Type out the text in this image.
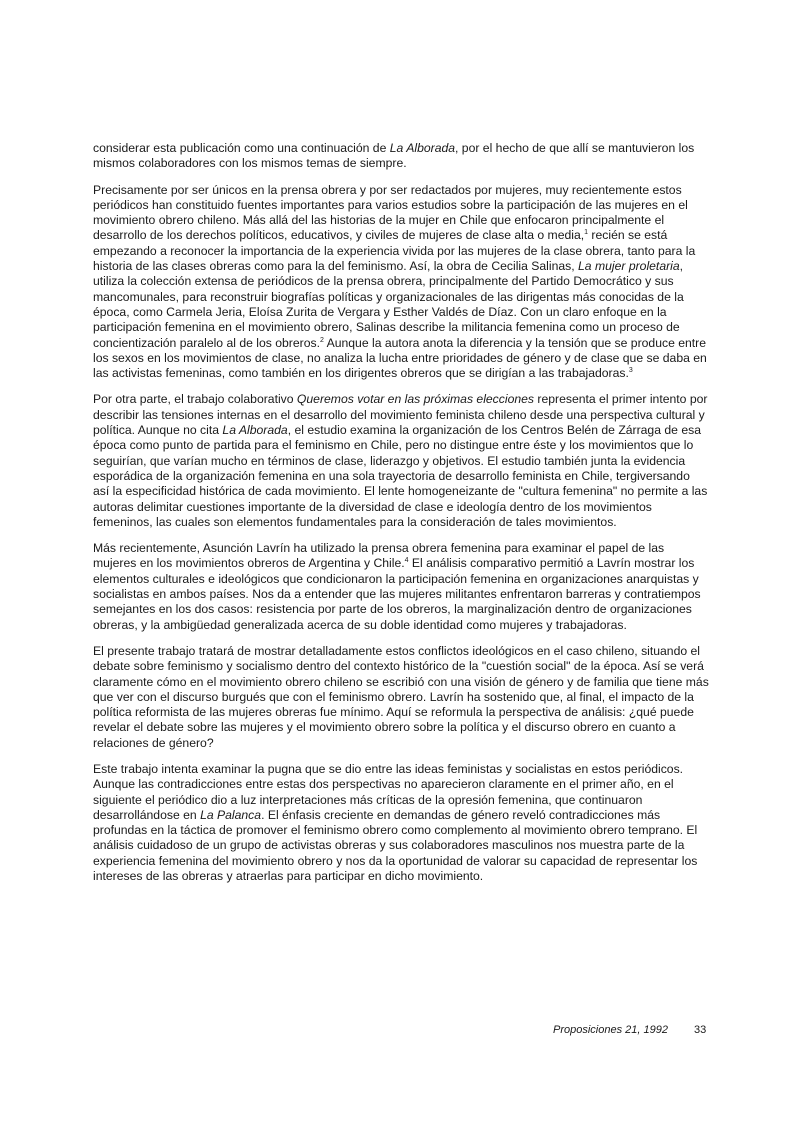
considerar esta publicación como una continuación de La Alborada, por el hecho de que allí se mantuvieron los mismos colaboradores con los mismos temas de siempre.

Precisamente por ser únicos en la prensa obrera y por ser redactados por mujeres, muy recientemente estos periódicos han constituido fuentes importantes para varios estudios sobre la participación de las mujeres en el movimiento obrero chileno. Más allá del las historias de la mujer en Chile que enfocaron principalmente el desarrollo de los derechos políticos, educativos, y civiles de mujeres de clase alta o media,$^1$ recién se está empezando a reconocer la importancia de la experiencia vivida por las mujeres de la clase obrera, tanto para la historia de las clases obreras como para la del feminismo. Así, la obra de Cecilia Salinas, La mujer proletaria, utiliza la colección extensa de periódicos de la prensa obrera, principalmente del Partido Democrático y sus mancomunales, para reconstruir biografías políticas y organizacionales de las dirigentas más conocidas de la época, como Carmela Jeria, Eloísa Zurita de Vergara y Esther Valdés de Díaz. Con un claro enfoque en la participación femenina en el movimiento obrero, Salinas describe la militancia femenina como un proceso de concientización paralelo al de los obreros.$^2$ Aunque la autora anota la diferencia y la tensión que se produce entre los sexos en los movimientos de clase, no analiza la lucha entre prioridades de género y de clase que se daba en las activistas femeninas, como también en los dirigentes obreros que se dirigían a las trabajadoras.$^3$

Por otra parte, el trabajo colaborativo Queremos votar en las próximas elecciones representa el primer intento por describir las tensiones internas en el desarrollo del movimiento feminista chileno desde una perspectiva cultural y política. Aunque no cita La Alborada, el estudio examina la organización de los Centros Belén de Zárraga de esa época como punto de partida para el feminismo en Chile, pero no distingue entre éste y los movimientos que lo seguirían, que varían mucho en términos de clase, liderazgo y objetivos. El estudio también junta la evidencia esporádica de la organización femenina en una sola trayectoria de desarrollo feminista en Chile, tergiversando así la especificidad histórica de cada movimiento. El lente homogeneizante de "cultura femenina" no permite a las autoras delimitar cuestiones importante de la diversidad de clase e ideología dentro de los movimientos femeninos, las cuales son elementos fundamentales para la consideración de tales movimientos.

Más recientemente, Asunción Lavrín ha utilizado la prensa obrera femenina para examinar el papel de las mujeres en los movimientos obreros de Argentina y Chile.$^4$ El análisis comparativo permitió a Lavrín mostrar los elementos culturales e ideológicos que condicionaron la participación femenina en organizaciones anarquistas y socialistas en ambos países. Nos da a entender que las mujeres militantes enfrentaron barreras y contratiempos semejantes en los dos casos: resistencia por parte de los obreros, la marginalización dentro de organizaciones obreras, y la ambigüedad generalizada acerca de su doble identidad como mujeres y trabajadoras.

El presente trabajo tratará de mostrar detalladamente estos conflictos ideológicos en el caso chileno, situando el debate sobre feminismo y socialismo dentro del contexto histórico de la "cuestión social" de la época. Así se verá claramente cómo en el movimiento obrero chileno se escribió con una visión de género y de familia que tiene más que ver con el discurso burgués que con el feminismo obrero. Lavrín ha sostenido que, al final, el impacto de la política reformista de las mujeres obreras fue mínimo. Aquí se reformula la perspectiva de análisis: ¿qué puede revelar el debate sobre las mujeres y el movimiento obrero sobre la política y el discurso obrero en cuanto a relaciones de género?

Este trabajo intenta examinar la pugna que se dio entre las ideas feministas y socialistas en estos periódicos. Aunque las contradicciones entre estas dos perspectivas no aparecieron claramente en el primer año, en el siguiente el periódico dio a luz interpretaciones más críticas de la opresión femenina, que continuaron desarrollándose en La Palanca. El énfasis creciente en demandas de género reveló contradicciones más profundas en la táctica de promover el feminismo obrero como complemento al movimiento obrero temprano. El análisis cuidadoso de un grupo de activistas obreras y sus colaboradores masculinos nos muestra parte de la experiencia femenina del movimiento obrero y nos da la oportunidad de valorar su capacidad de representar los intereses de las obreras y atraerlas para participar en dicho movimiento.

Proposiciones 21, 1992 33
